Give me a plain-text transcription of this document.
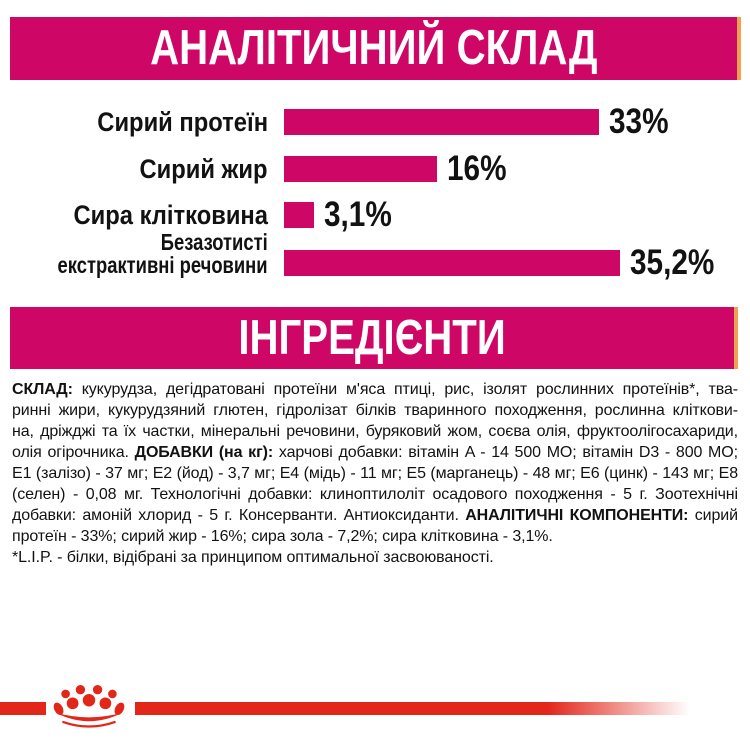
АНАЛІТИЧНИЙ СКЛАД
Сирий протеїн
Сирий жир
Сира клітковина
Безазотисті
екстрактивні речовини
33%
16%
3,1%
35,2%
ІНГРЕДІЄНТИ
СКЛАД: кукурудза, дегідратовані протеїни м'яса птиці, рис, ізолят рослинних протеїнів*, тва-
ринні жири, кукурудзяний глютен, гідролізат білків тваринного походження, рослинна кліткови-
на, дріжджі та їх частки, мінеральні речовини, буряковий жом, соєва олія, фруктоолігосахариди,
олія огірочника. ДОБАВКИ (на кг): харчові добавки: вітамін A - 14 500 МО; вітамін D3 - 800 МО;
E1 (залізо) - 37 мг; E2 (йод) - 3,7 мг; E4 (мідь) - 11 мг; E5 (марганець) - 48 мг; E6 (цинк) - 143 мг; E8
(селен) - 0,08 мг. Технологічні добавки: клиноптилоліт осадового походження - 5 г. Зоотехнічні
добавки: амоній хлорид - 5 г. Консерванти. Антиоксиданти. АНАЛІТИЧНІ КОМПОНЕНТИ: сирий
протеїн - 33%; сирий жир - 16%; сира зола - 7,2%; сира клітковина - 3,1%.
*L.I.P. - білки, відібрані за принципом оптимальної засвоюваності.
